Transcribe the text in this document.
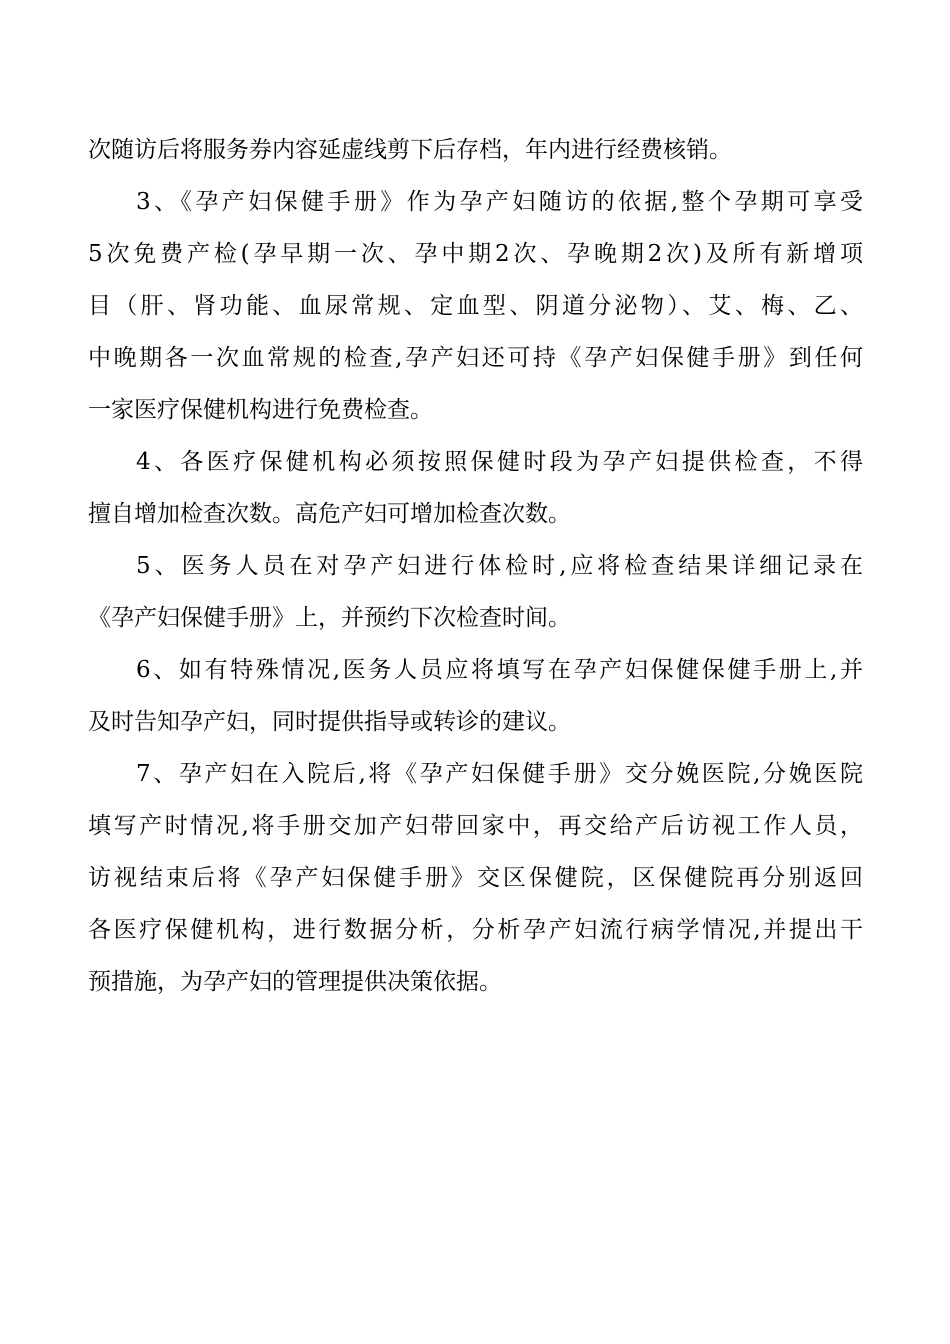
次随访后将服务券内容延虚线剪下后存档，年内进行经费核销。

3、《孕产妇保健手册》作为孕产妇随访的依据,整个孕期可享受
5次免费产检(孕早期一次、孕中期2次、孕晚期2次)及所有新增项
目（肝、肾功能、血尿常规、定血型、阴道分泌物）、艾、梅、乙、
中晚期各一次血常规的检查,孕产妇还可持《孕产妇保健手册》到任何
一家医疗保健机构进行免费检查。

4、各医疗保健机构必须按照保健时段为孕产妇提供检查，不得
擅自增加检查次数。高危产妇可增加检查次数。

5、医务人员在对孕产妇进行体检时,应将检查结果详细记录在
《孕产妇保健手册》上，并预约下次检查时间。

6、如有特殊情况,医务人员应将填写在孕产妇保健保健手册上,并
及时告知孕产妇，同时提供指导或转诊的建议。

7、孕产妇在入院后,将《孕产妇保健手册》交分娩医院,分娩医院
填写产时情况,将手册交加产妇带回家中，再交给产后访视工作人员，
访视结束后将《孕产妇保健手册》交区保健院，区保健院再分别返回
各医疗保健机构，进行数据分析，分析孕产妇流行病学情况,并提出干
预措施，为孕产妇的管理提供决策依据。
